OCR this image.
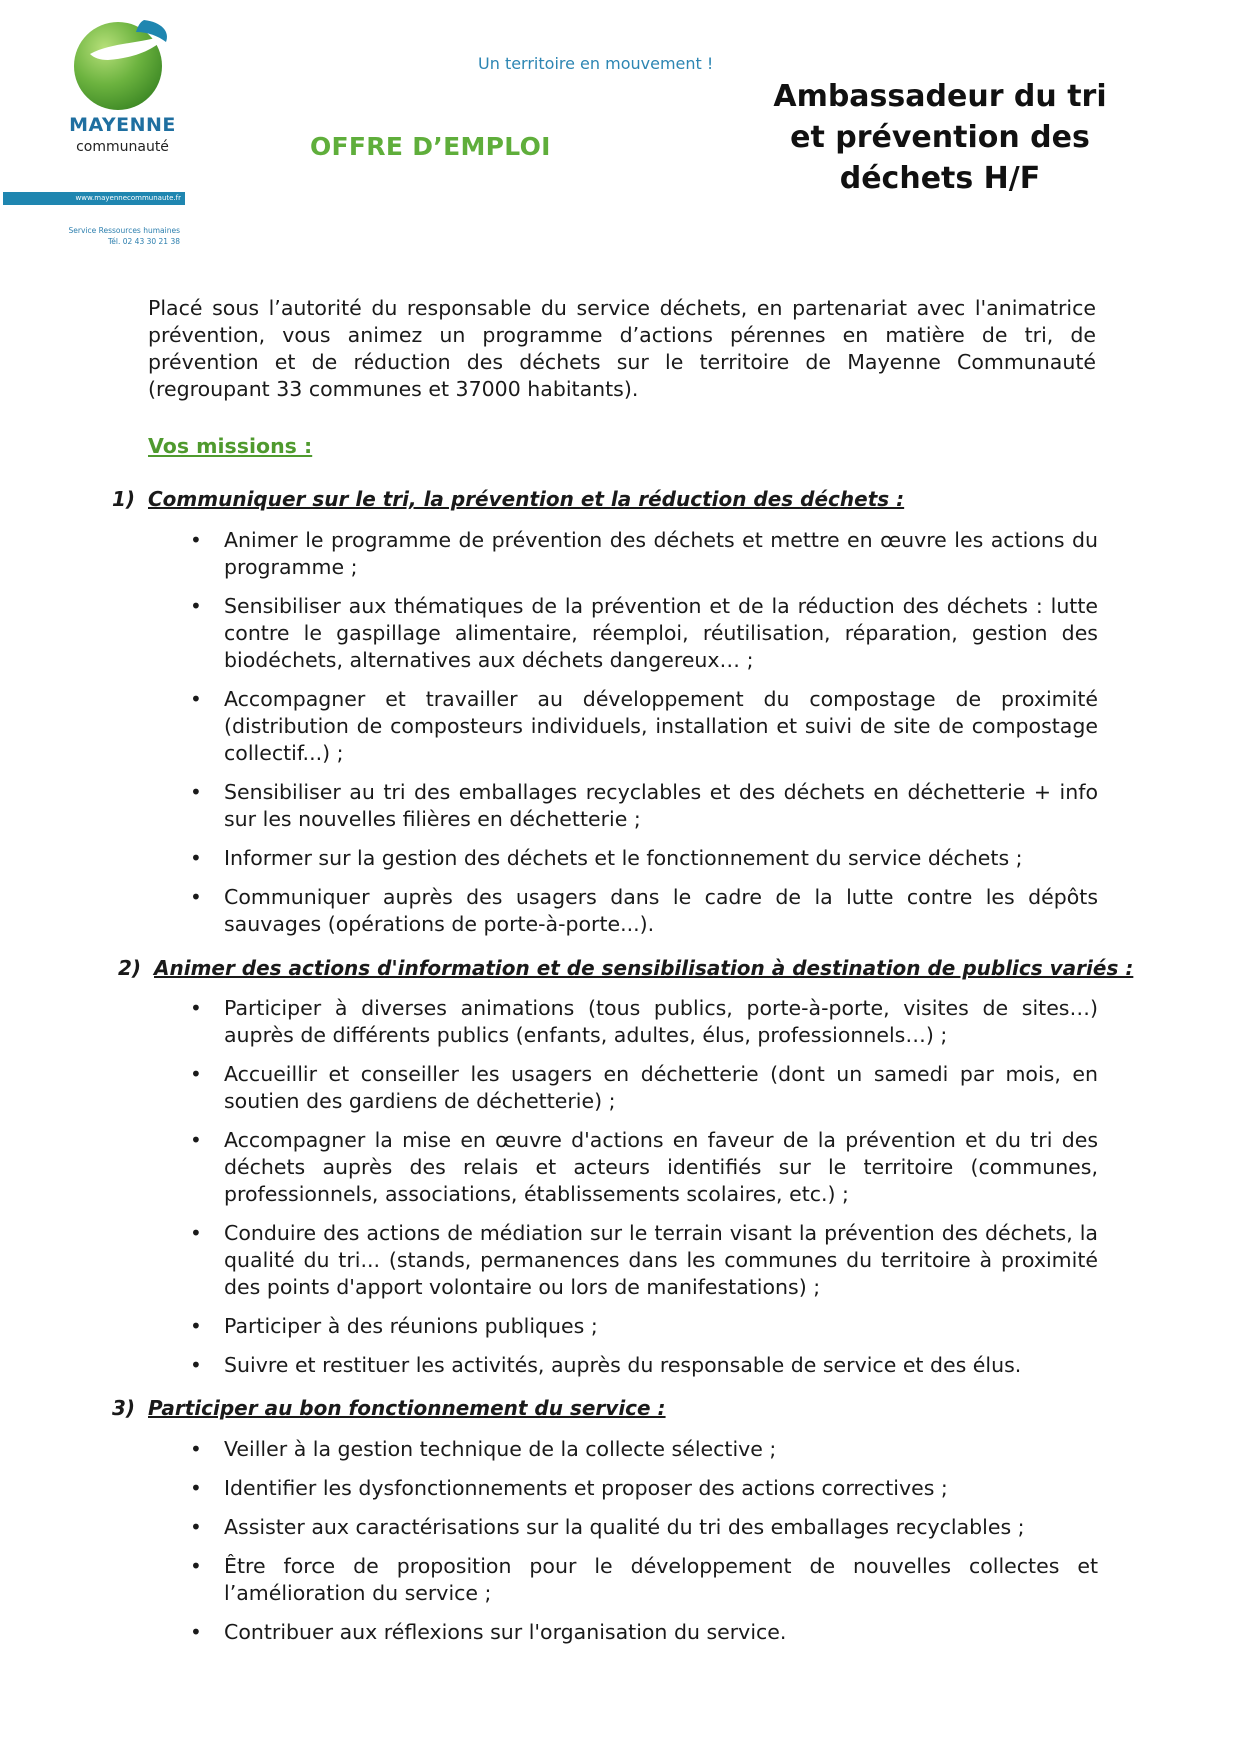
MAYENNE
communauté
www.mayennecommunaute.fr
Service Ressources humaines
Tél. 02 43 30 21 38
Un territoire en mouvement !
OFFRE D’EMPLOI
Ambassadeur du tri
et prévention des
déchets H/F
Placé sous l’autorité du responsable du service déchets, en partenariat avec l'animatrice prévention, vous animez un programme d’actions pérennes en matière de tri, de prévention et de réduction des déchets sur le territoire de Mayenne Communauté (regroupant 33 communes et 37000 habitants).
Vos missions :
1) Communiquer sur le tri, la prévention et la réduction des déchets :
• Animer le programme de prévention des déchets et mettre en œuvre les actions du programme ;
• Sensibiliser aux thématiques de la prévention et de la réduction des déchets : lutte contre le gaspillage alimentaire, réemploi, réutilisation, réparation, gestion des biodéchets, alternatives aux déchets dangereux… ;
• Accompagner et travailler au développement du compostage de proximité (distribution de composteurs individuels, installation et suivi de site de compostage collectif...) ;
• Sensibiliser au tri des emballages recyclables et des déchets en déchetterie + info sur les nouvelles filières en déchetterie ;
• Informer sur la gestion des déchets et le fonctionnement du service déchets ;
• Communiquer auprès des usagers dans le cadre de la lutte contre les dépôts sauvages (opérations de porte-à-porte...).
2) Animer des actions d'information et de sensibilisation à destination de publics variés :
• Participer à diverses animations (tous publics, porte-à-porte, visites de sites…) auprès de différents publics (enfants, adultes, élus, professionnels…) ;
• Accueillir et conseiller les usagers en déchetterie (dont un samedi par mois, en soutien des gardiens de déchetterie) ;
• Accompagner la mise en œuvre d'actions en faveur de la prévention et du tri des déchets auprès des relais et acteurs identifiés sur le territoire (communes, professionnels, associations, établissements scolaires, etc.) ;
• Conduire des actions de médiation sur le terrain visant la prévention des déchets, la qualité du tri... (stands, permanences dans les communes du territoire à proximité des points d'apport volontaire ou lors de manifestations) ;
• Participer à des réunions publiques ;
• Suivre et restituer les activités, auprès du responsable de service et des élus.
3) Participer au bon fonctionnement du service :
• Veiller à la gestion technique de la collecte sélective ;
• Identifier les dysfonctionnements et proposer des actions correctives ;
• Assister aux caractérisations sur la qualité du tri des emballages recyclables ;
• Être force de proposition pour le développement de nouvelles collectes et l’amélioration du service ;
• Contribuer aux réflexions sur l'organisation du service.
